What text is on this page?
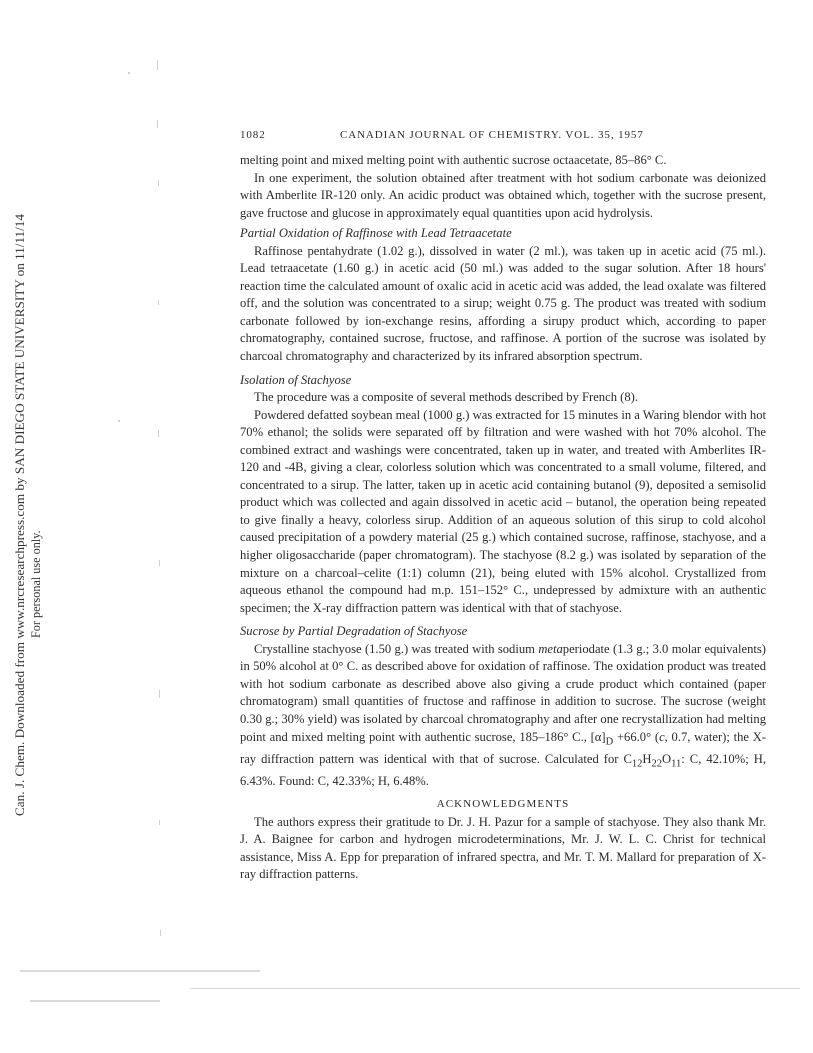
Can. J. Chem. Downloaded from www.nrcresearchpress.com by SAN DIEGO STATE UNIVERSITY on 11/11/14 For personal use only.
1082	CANADIAN JOURNAL OF CHEMISTRY. VOL. 35, 1957

melting point and mixed melting point with authentic sucrose octaacetate, 85–86° C.

In one experiment, the solution obtained after treatment with hot sodium carbonate was deionized with Amberlite IR-120 only. An acidic product was obtained which, together with the sucrose present, gave fructose and glucose in approximately equal quantities upon acid hydrolysis.

Partial Oxidation of Raffinose with Lead Tetraacetate

Raffinose pentahydrate (1.02 g.), dissolved in water (2 ml.), was taken up in acetic acid (75 ml.). Lead tetraacetate (1.60 g.) in acetic acid (50 ml.) was added to the sugar solution. After 18 hours' reaction time the calculated amount of oxalic acid in acetic acid was added, the lead oxalate was filtered off, and the solution was concentrated to a sirup; weight 0.75 g. The product was treated with sodium carbonate followed by ion-exchange resins, affording a sirupy product which, according to paper chromatography, contained sucrose, fructose, and raffinose. A portion of the sucrose was isolated by charcoal chromatography and characterized by its infrared absorption spectrum.

Isolation of Stachyose

The procedure was a composite of several methods described by French (8).

Powdered defatted soybean meal (1000 g.) was extracted for 15 minutes in a Waring blendor with hot 70% ethanol; the solids were separated off by filtration and were washed with hot 70% alcohol. The combined extract and washings were concentrated, taken up in water, and treated with Amberlites IR-120 and -4B, giving a clear, colorless solution which was concentrated to a small volume, filtered, and concentrated to a sirup. The latter, taken up in acetic acid containing butanol (9), deposited a semisolid product which was collected and again dissolved in acetic acid – butanol, the operation being repeated to give finally a heavy, colorless sirup. Addition of an aqueous solution of this sirup to cold alcohol caused precipitation of a powdery material (25 g.) which contained sucrose, raffinose, stachyose, and a higher oligosaccharide (paper chromatogram). The stachyose (8.2 g.) was isolated by separation of the mixture on a charcoal–celite (1:1) column (21), being eluted with 15% alcohol. Crystallized from aqueous ethanol the compound had m.p. 151–152° C., undepressed by admixture with an authentic specimen; the X-ray diffraction pattern was identical with that of stachyose.

Sucrose by Partial Degradation of Stachyose

Crystalline stachyose (1.50 g.) was treated with sodium metaperiodate (1.3 g.; 3.0 molar equivalents) in 50% alcohol at 0° C. as described above for oxidation of raffinose. The oxidation product was treated with hot sodium carbonate as described above also giving a crude product which contained (paper chromatogram) small quantities of fructose and raffinose in addition to sucrose. The sucrose (weight 0.30 g.; 30% yield) was isolated by charcoal chromatography and after one recrystallization had melting point and mixed melting point with authentic sucrose, 185–186° C., $[\alpha]_D +66.0^\circ$ (c, 0.7, water); the X-ray diffraction pattern was identical with that of sucrose. Calculated for $C_{12}H_{22}O_{11}$: C, 42.10%; H, 6.43%. Found: C, 42.33%; H, 6.48%.

ACKNOWLEDGMENTS

The authors express their gratitude to Dr. J. H. Pazur for a sample of stachyose. They also thank Mr. J. A. Baignee for carbon and hydrogen microdeterminations, Mr. J. W. L. C. Christ for technical assistance, Miss A. Epp for preparation of infrared spectra, and Mr. T. M. Mallard for preparation of X-ray diffraction patterns.
